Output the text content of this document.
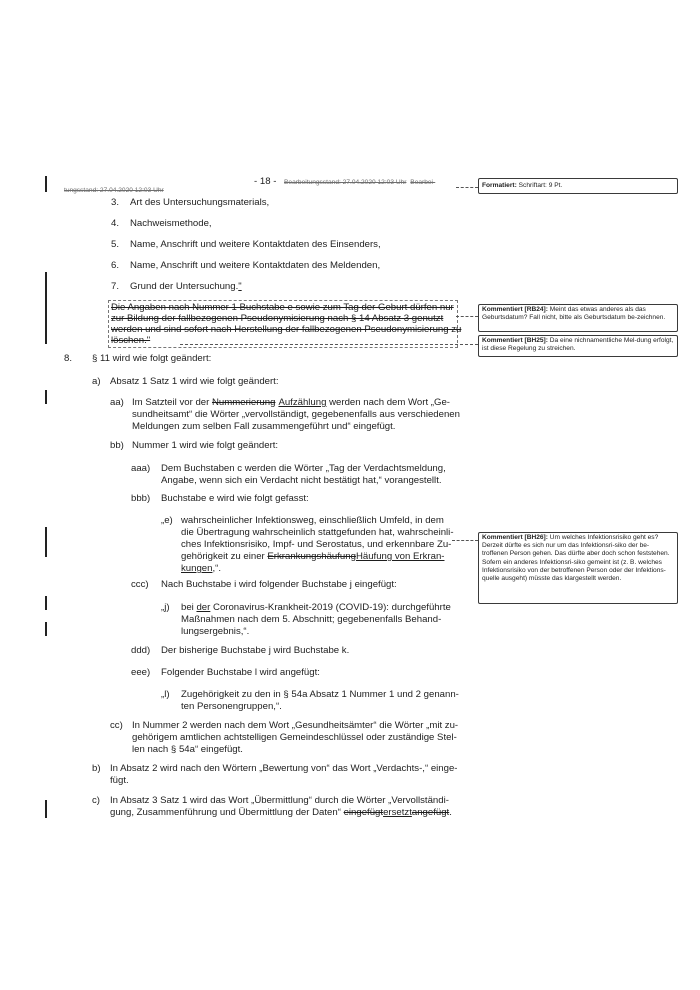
tungsstand: 27.04.2020 12:03 Uhr
- 18 - Bearbeitungsstand: 27.04.2020 12:03 Uhr Bearbei-
3. Art des Untersuchungsmaterials,
4. Nachweismethode,
5. Name, Anschrift und weitere Kontaktdaten des Einsenders,
6. Name, Anschrift und weitere Kontaktdaten des Meldenden,
7. Grund der Untersuchung."
Die Angaben nach Nummer 1 Buchstabe e sowie zum Tag der Geburt dürfen nur
zur Bildung der fallbezogenen Pseudonymisierung nach § 14 Absatz 3 genutzt
werden und sind sofort nach Herstellung der fallbezogenen Pseudonymisierung zu
löschen."
8. § 11 wird wie folgt geändert:
a) Absatz 1 Satz 1 wird wie folgt geändert:
aa) Im Satzteil vor der Nummerierung Aufzählung werden nach dem Wort „Ge-
sundheitsamt“ die Wörter „vervollständigt, gegebenenfalls aus verschiedenen
Meldungen zum selben Fall zusammengeführt und“ eingefügt.
bb) Nummer 1 wird wie folgt geändert:
aaa) Dem Buchstaben c werden die Wörter „Tag der Verdachtsmeldung,
Angabe, wenn sich ein Verdacht nicht bestätigt hat,“ vorangestellt.
bbb) Buchstabe e wird wie folgt gefasst:
„e) wahrscheinlicher Infektionsweg, einschließlich Umfeld, in dem
die Übertragung wahrscheinlich stattgefunden hat, wahrscheinli-
ches Infektionsrisiko, Impf- und Serostatus, und erkennbare Zu-
gehörigkeit zu einer ErkrankungshäufungHäufung von Erkran-
kungen,“.
ccc) Nach Buchstabe i wird folgender Buchstabe j eingefügt:
„j) bei der Coronavirus-Krankheit-2019 (COVID-19): durchgeführte
Maßnahmen nach dem 5. Abschnitt; gegebenenfalls Behand-
lungsergebnis,“.
ddd) Der bisherige Buchstabe j wird Buchstabe k.
eee) Folgender Buchstabe l wird angefügt:
„l) Zugehörigkeit zu den in § 54a Absatz 1 Nummer 1 und 2 genann-
ten Personengruppen,“.
cc) In Nummer 2 werden nach dem Wort „Gesundheitsämter“ die Wörter „mit zu-
gehörigem amtlichen achtstelligen Gemeindeschlüssel oder zuständige Stel-
len nach § 54a“ eingefügt.
b) In Absatz 2 wird nach den Wörtern „Bewertung von“ das Wort „Verdachts-,“ einge-
fügt.
c) In Absatz 3 Satz 1 wird das Wort „Übermittlung“ durch die Wörter „Vervollständi-
gung, Zusammenführung und Übermittlung der Daten“ eingefügtersetztangefügt.
Formatiert: Schriftart: 9 Pt.
Kommentiert [RB24]: Meint das etwas anderes als das Geburtsdatum? Fall nicht, bitte als Geburtsdatum be-zeichnen.
Kommentiert [BH25]: Da eine nichnamentliche Mel-dung erfolgt, ist diese Regelung zu streichen.
Kommentiert [BH26]: Um welches Infektionsrisiko geht es? Derzeit dürfte es sich nur um das Infektionsri-siko der be-troffenen Person gehen. Das dürfte aber doch schon feststehen. Sofern ein anderes Infektionsri-siko gemeint ist (z. B. welches Infektionsrisiko von der betroffenen Person oder der Infektions-quelle ausgeht) müsste das klargestellt werden.
